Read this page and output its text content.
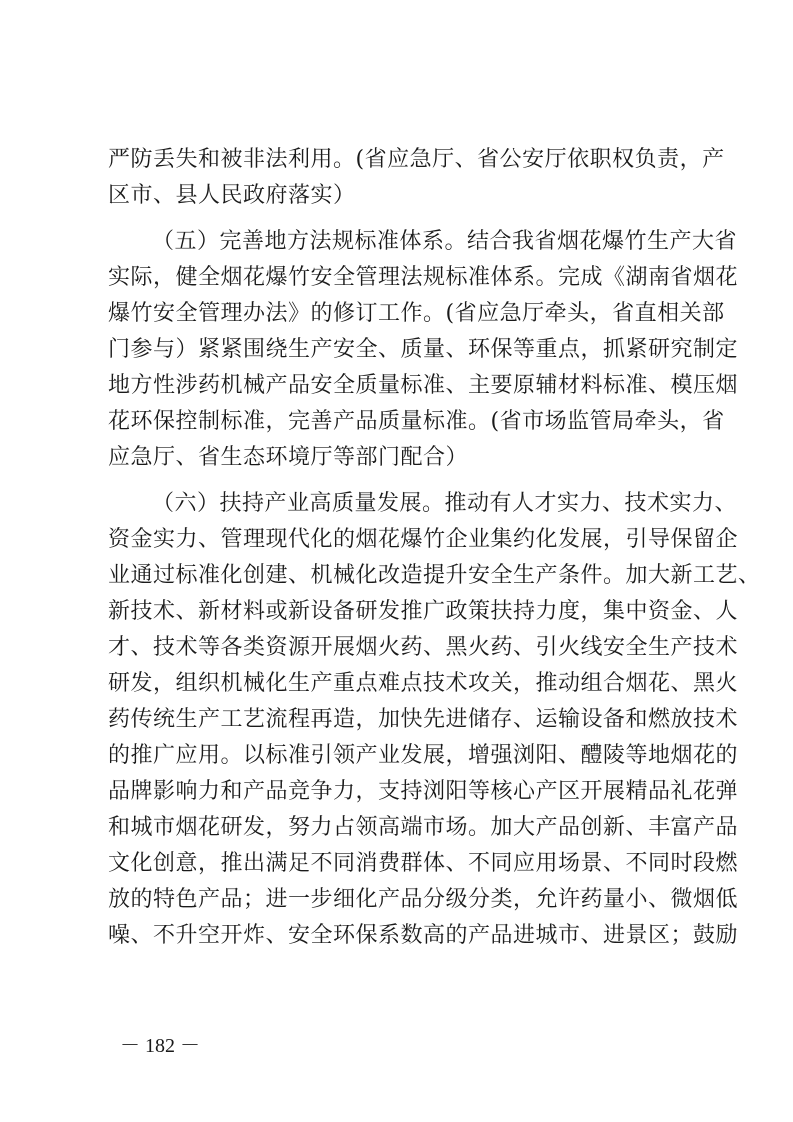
严防丢失和被非法利用。(省应急厅、省公安厅依职权负责，产
区市、县人民政府落实）
（五）完善地方法规标准体系。结合我省烟花爆竹生产大省
实际，健全烟花爆竹安全管理法规标准体系。完成《湖南省烟花
爆竹安全管理办法》的修订工作。(省应急厅牵头，省直相关部
门参与）紧紧围绕生产安全、质量、环保等重点，抓紧研究制定
地方性涉药机械产品安全质量标准、主要原辅材料标准、模压烟
花环保控制标准，完善产品质量标准。(省市场监管局牵头，省
应急厅、省生态环境厅等部门配合）
（六）扶持产业高质量发展。推动有人才实力、技术实力、
资金实力、管理现代化的烟花爆竹企业集约化发展，引导保留企
业通过标准化创建、机械化改造提升安全生产条件。加大新工艺、
新技术、新材料或新设备研发推广政策扶持力度，集中资金、人
才、技术等各类资源开展烟火药、黑火药、引火线安全生产技术
研发，组织机械化生产重点难点技术攻关，推动组合烟花、黑火
药传统生产工艺流程再造，加快先进储存、运输设备和燃放技术
的推广应用。以标准引领产业发展，增强浏阳、醴陵等地烟花的
品牌影响力和产品竞争力，支持浏阳等核心产区开展精品礼花弹
和城市烟花研发，努力占领高端市场。加大产品创新、丰富产品
文化创意，推出满足不同消费群体、不同应用场景、不同时段燃
放的特色产品；进一步细化产品分级分类，允许药量小、微烟低
噪、不升空开炸、安全环保系数高的产品进城市、进景区；鼓励
－ 182 －
